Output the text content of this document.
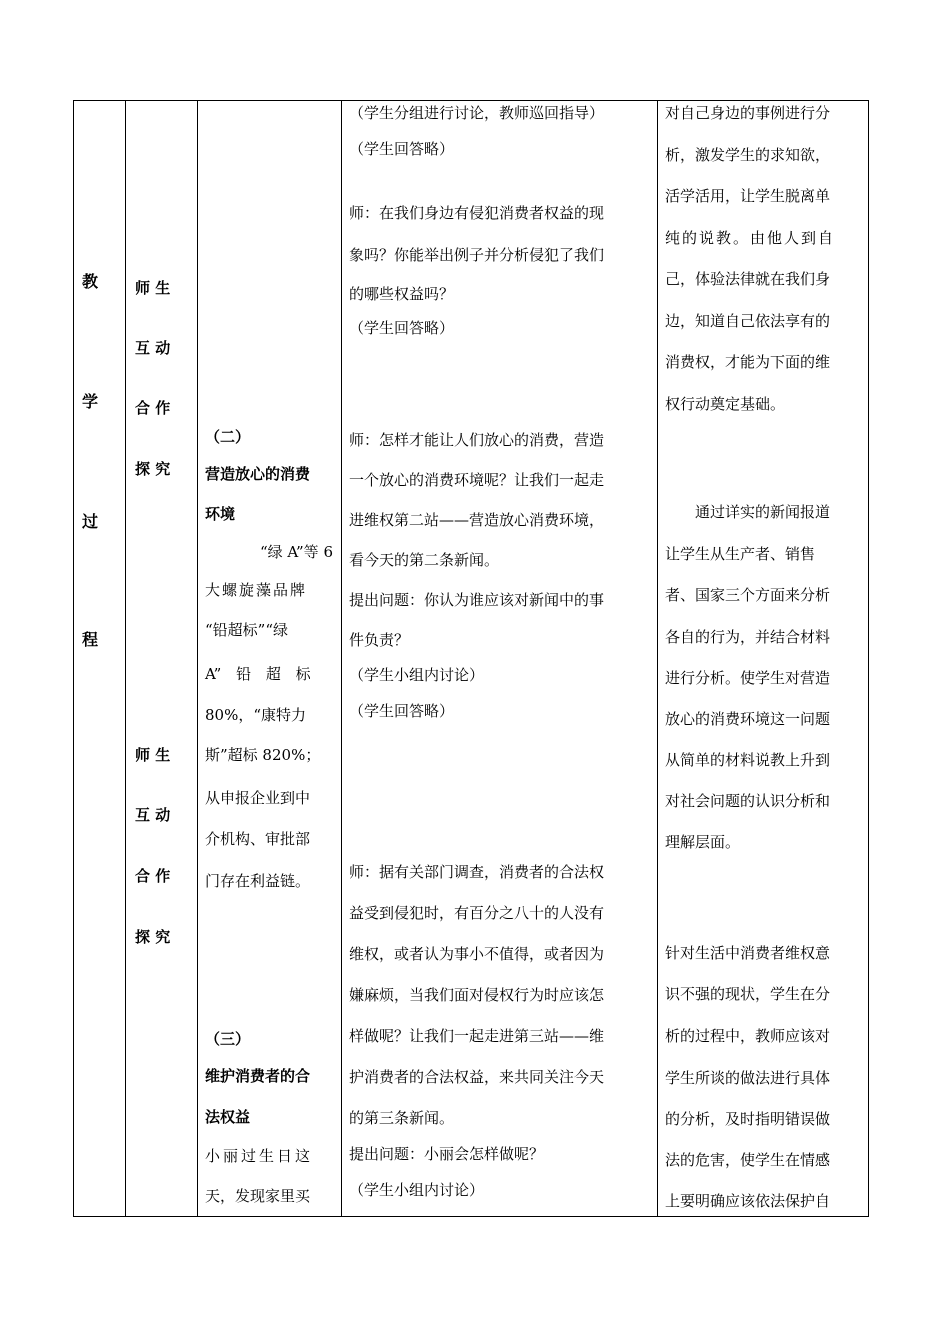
教
学
过
程
师 生
互 动
合 作
探 究
师 生
互 动
合 作
探 究
（二）
营造放心的消费
环境
“绿 A”等 6
大螺旋藻品牌
“铅超标”“绿
A” 铅 超 标
80%，“康特力
斯”超标 820%；
从申报企业到中
介机构、审批部
门存在利益链。
（三）
维护消费者的合
法权益
小丽过生日这
天，发现家里买
（学生分组进行讨论，教师巡回指导）
（学生回答略）
师：在我们身边有侵犯消费者权益的现
象吗？你能举出例子并分析侵犯了我们
的哪些权益吗？
（学生回答略）
师：怎样才能让人们放心的消费，营造
一个放心的消费环境呢？让我们一起走
进维权第二站——营造放心消费环境，
看今天的第二条新闻。
提出问题：你认为谁应该对新闻中的事
件负责？
（学生小组内讨论）
（学生回答略）
师：据有关部门调查，消费者的合法权
益受到侵犯时，有百分之八十的人没有
维权，或者认为事小不值得，或者因为
嫌麻烦，当我们面对侵权行为时应该怎
样做呢？让我们一起走进第三站——维
护消费者的合法权益，来共同关注今天
的第三条新闻。
提出问题：小丽会怎样做呢？
（学生小组内讨论）
对自己身边的事例进行分
析，激发学生的求知欲，
活学活用，让学生脱离单
纯的说教。由他人到自
己，体验法律就在我们身
边，知道自己依法享有的
消费权，才能为下面的维
权行动奠定基础。
通过详实的新闻报道
让学生从生产者、销售
者、国家三个方面来分析
各自的行为，并结合材料
进行分析。使学生对营造
放心的消费环境这一问题
从简单的材料说教上升到
对社会问题的认识分析和
理解层面。
针对生活中消费者维权意
识不强的现状，学生在分
析的过程中，教师应该对
学生所谈的做法进行具体
的分析，及时指明错误做
法的危害，使学生在情感
上要明确应该依法保护自
